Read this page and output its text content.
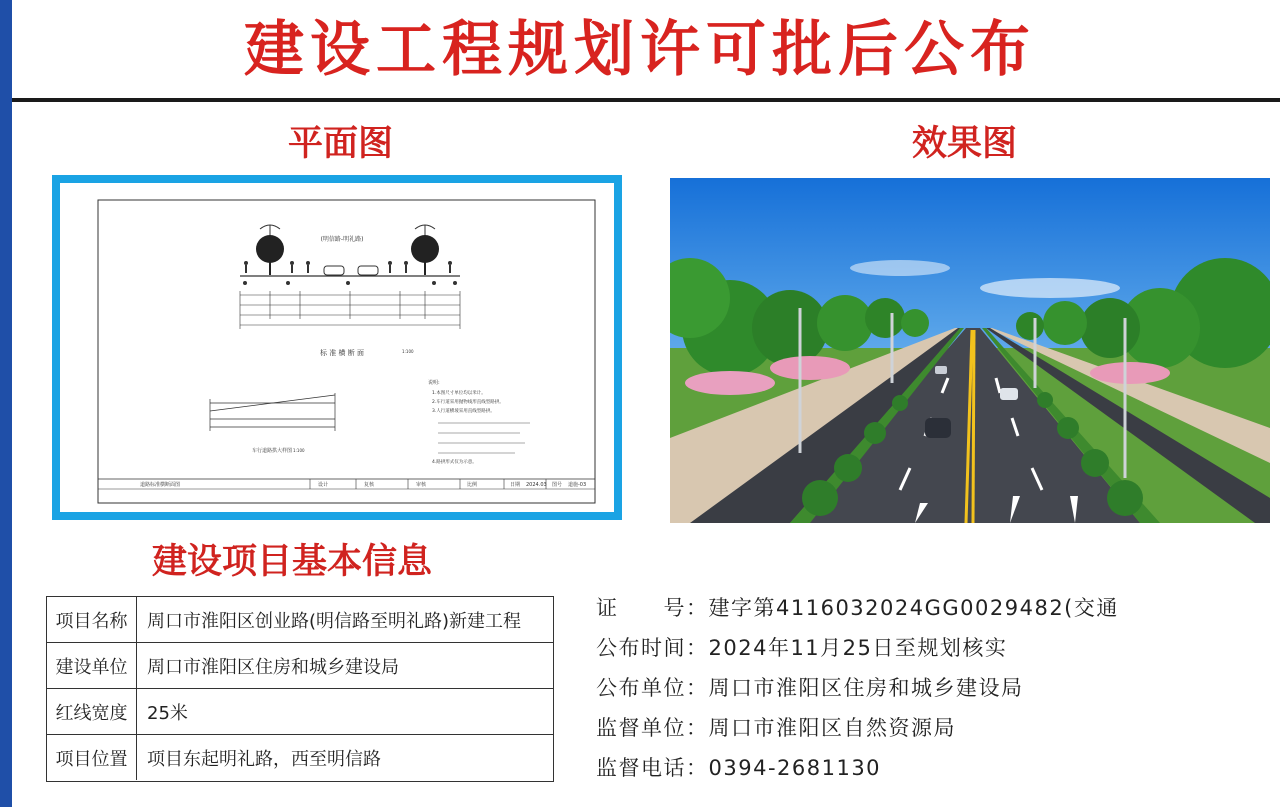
建设工程规划许可批后公布
平面图
(明信路-明礼路)
标 准 横 断 面	1:100
车行道路拱大样图 1:100
说明:
1.本图尺寸单位均以米计。
2.车行道采用抛物线形直线型路拱。
3.人行道横坡采用直线型路拱。
4.路拱形式仅为示意。
道路标准横断面图	设计	复核	审核	比例	日期 2024.03 图号 道施-03
效果图
建设项目基本信息
项目名称	周口市淮阳区创业路(明信路至明礼路)新建工程
建设单位	周口市淮阳区住房和城乡建设局
红线宽度	25米
项目位置	项目东起明礼路，西至明信路
证　　号：建字第4116032024GG0029482(交通
公布时间：2024年11月25日至规划核实
公布单位：周口市淮阳区住房和城乡建设局
监督单位：周口市淮阳区自然资源局
监督电话：0394-2681130
